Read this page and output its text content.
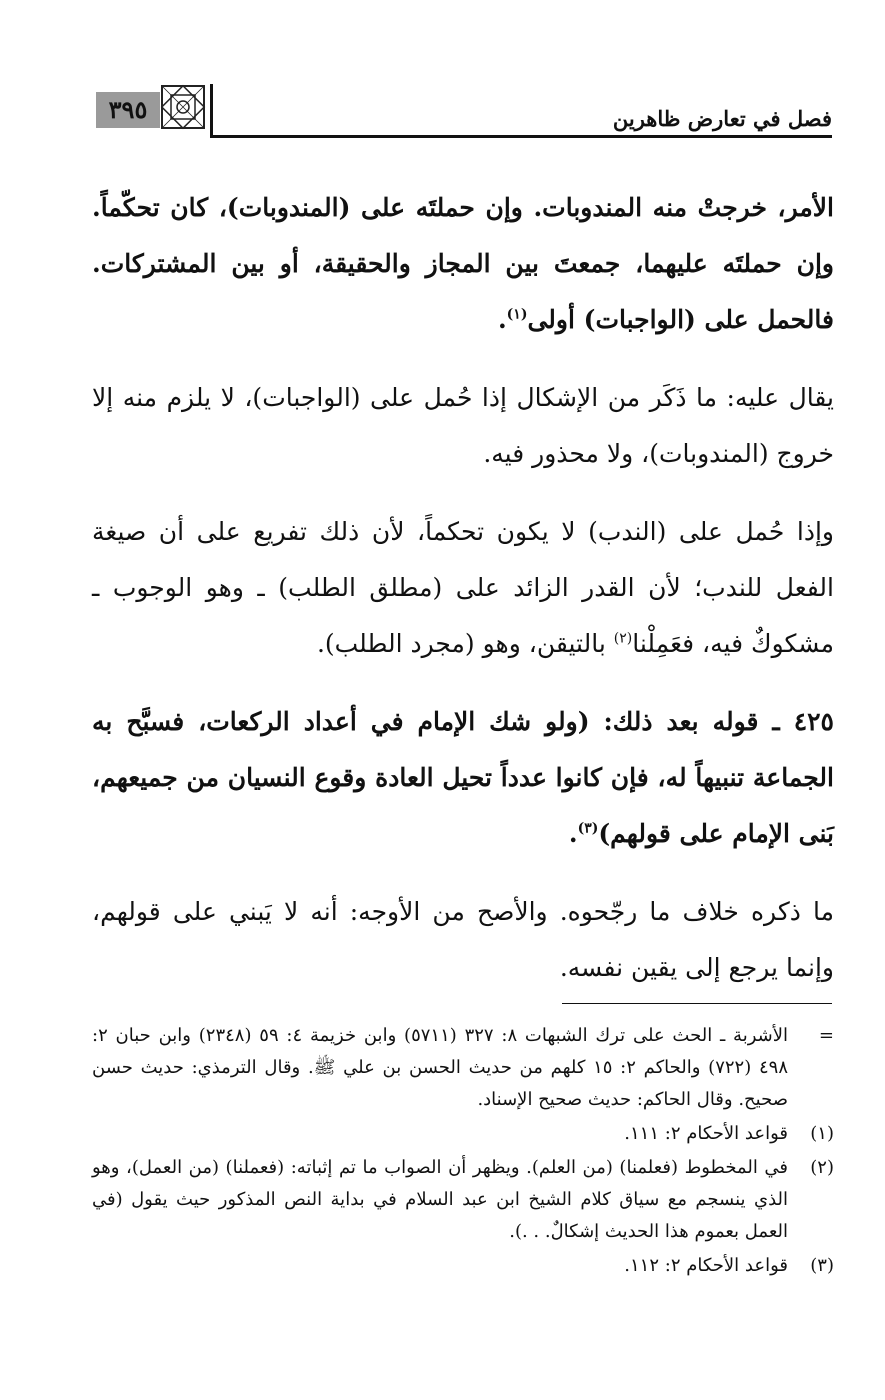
٣٩٥	فصل في تعارض ظاهرين

الأمر، خرجتْ منه المندوبات. وإن حملتَه على (المندوبات)، كان تحكّماً. وإن حملتَه عليهما، جمعتَ بين المجاز والحقيقة، أو بين المشتركات. فالحمل على (الواجبات) أولى$^{(١)}$.

يقال عليه: ما ذَكَر من الإشكال إذا حُمل على (الواجبات)، لا يلزم منه إلا خروج (المندوبات)، ولا محذور فيه.

وإذا حُمل على (الندب) لا يكون تحكماً، لأن ذلك تفريع على أن صيغة الفعل للندب؛ لأن القدر الزائد على (مطلق الطلب) ـ وهو الوجوب ـ مشكوكٌ فيه، فعَمِلْنا$^{(٢)}$ بالتيقن، وهو (مجرد الطلب).

٤٢٥ ـ قوله بعد ذلك: (ولو شك الإمام في أعداد الركعات، فسبَّح به الجماعة تنبيهاً له، فإن كانوا عدداً تحيل العادة وقوع النسيان من جميعهم، بَنى الإمام على قولهم)$^{(٣)}$.

ما ذكره خلاف ما رجّحوه. والأصح من الأوجه: أنه لا يَبني على قولهم، وإنما يرجع إلى يقين نفسه.

=
الأشربة ـ الحث على ترك الشبهات ٨: ٣٢٧ (٥٧١١) وابن خزيمة ٤: ٥٩ (٢٣٤٨) وابن حبان ٢: ٤٩٨ (٧٢٢) والحاكم ٢: ١٥ كلهم من حديث الحسن بن علي ﷺ. وقال الترمذي: حديث حسن صحيح. وقال الحاكم: حديث صحيح الإسناد.
(١)
قواعد الأحكام ٢: ١١١.
(٢)
في المخطوط (فعلمنا) (من العلم). ويظهر أن الصواب ما تم إثباته: (فعملنا) (من العمل)، وهو الذي ينسجم مع سياق كلام الشيخ ابن عبد السلام في بداية النص المذكور حيث يقول (في العمل بعموم هذا الحديث إشكالٌ. . .).
(٣)
قواعد الأحكام ٢: ١١٢.
